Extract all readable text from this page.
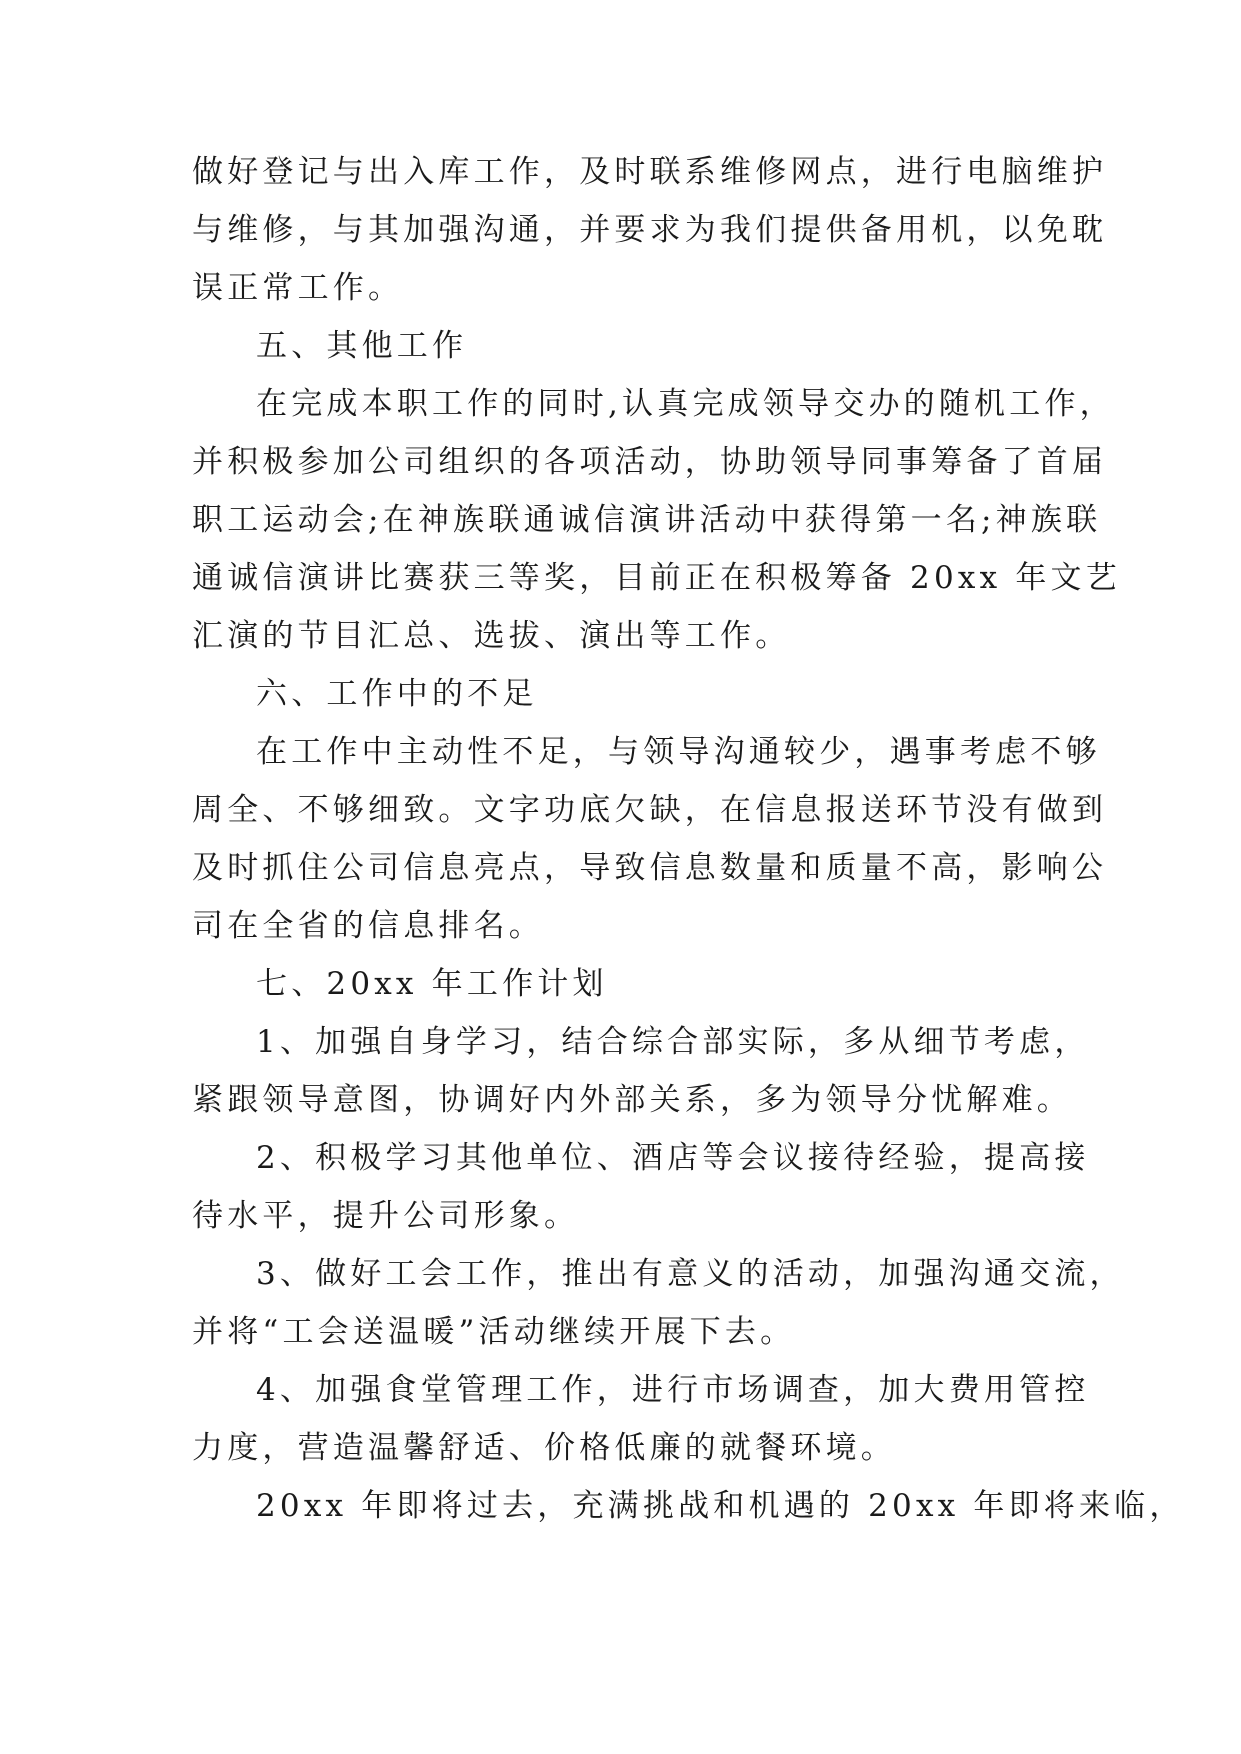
做好登记与出入库工作，及时联系维修网点，进行电脑维护
与维修，与其加强沟通，并要求为我们提供备用机，以免耽
误正常工作。
五、其他工作
在完成本职工作的同时,认真完成领导交办的随机工作，
并积极参加公司组织的各项活动，协助领导同事筹备了首届
职工运动会;在神族联通诚信演讲活动中获得第一名;神族联
通诚信演讲比赛获三等奖，目前正在积极筹备 20xx 年文艺
汇演的节目汇总、选拔、演出等工作。
六、工作中的不足
在工作中主动性不足，与领导沟通较少，遇事考虑不够
周全、不够细致。文字功底欠缺，在信息报送环节没有做到
及时抓住公司信息亮点，导致信息数量和质量不高，影响公
司在全省的信息排名。
七、20xx 年工作计划
1、加强自身学习，结合综合部实际，多从细节考虑，
紧跟领导意图，协调好内外部关系，多为领导分忧解难。
2、积极学习其他单位、酒店等会议接待经验，提高接
待水平，提升公司形象。
3、做好工会工作，推出有意义的活动，加强沟通交流，
并将“工会送温暖”活动继续开展下去。
4、加强食堂管理工作，进行市场调查，加大费用管控
力度，营造温馨舒适、价格低廉的就餐环境。
20xx 年即将过去，充满挑战和机遇的 20xx 年即将来临，
